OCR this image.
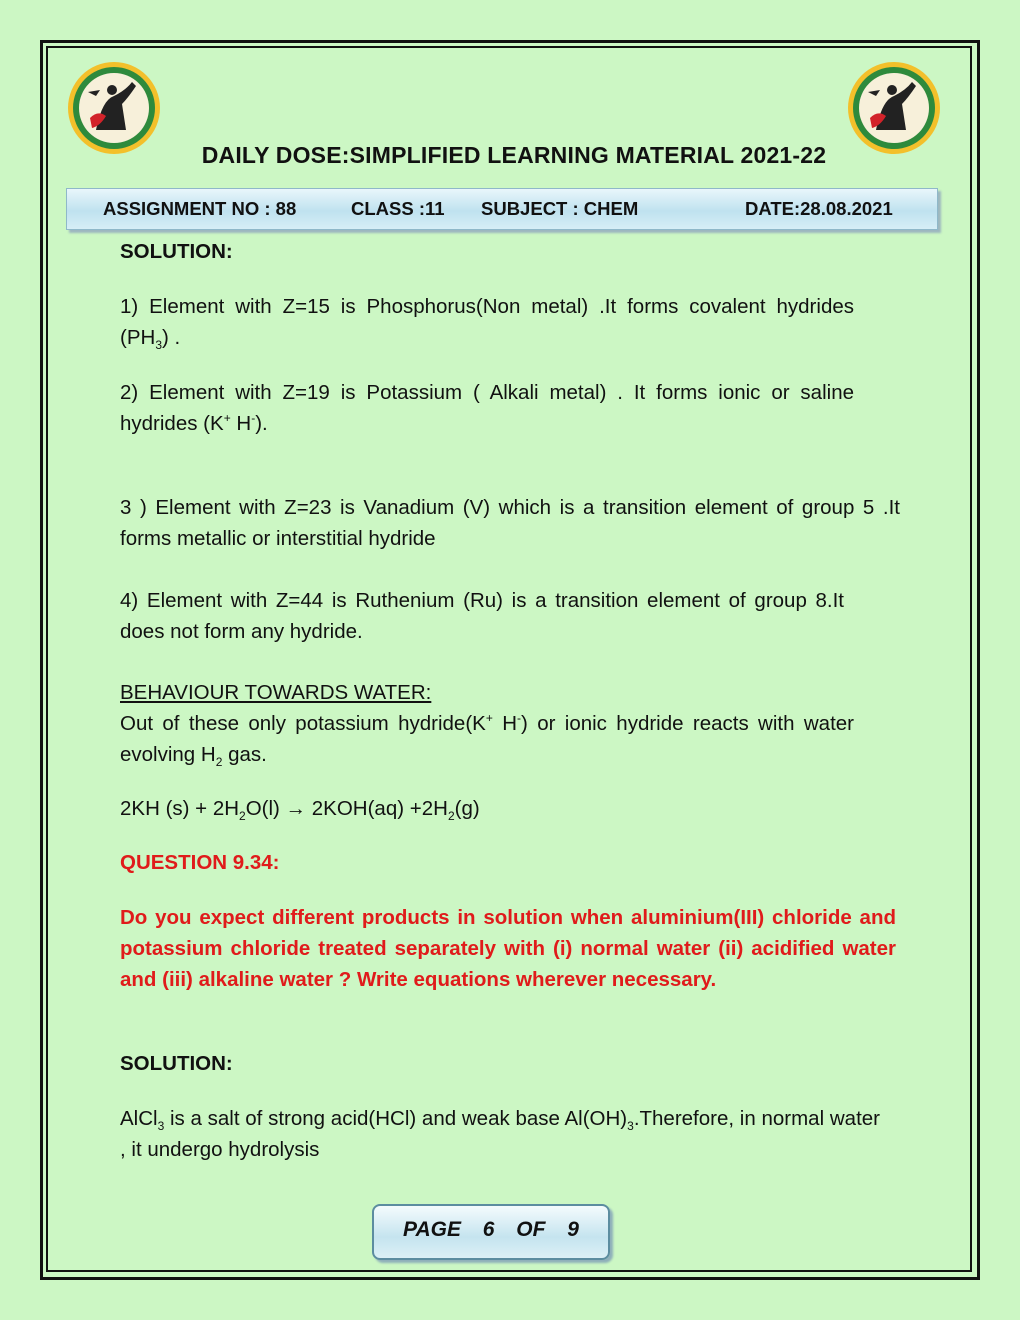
DAILY DOSE:SIMPLIFIED LEARNING MATERIAL 2021-22
ASSIGNMENT NO : 88	CLASS :11 SUBJECT : CHEM	DATE:28.08.2021
SOLUTION:
1) Element with Z=15 is Phosphorus(Non metal) .It forms covalent hydrides $(PH_3)$ .
2) Element with Z=19 is Potassium ( Alkali metal) . It forms ionic or saline hydrides (K+ H-).
3 ) Element with Z=23 is Vanadium (V) which is a transition element of group 5 .It forms metallic or interstitial hydride
4) Element with Z=44 is Ruthenium (Ru) is a transition element of group 8.It does not form any hydride.
BEHAVIOUR TOWARDS WATER:
Out of these only potassium hydride(K+ H-) or ionic hydride reacts with water evolving $H_2$ gas.
2KH $(s) + 2H_2O(l) \to 2KOH(aq) +2H_2(g)$
QUESTION 9.34:
Do you expect different products in solution when aluminium(III) chloride and potassium chloride treated separately with (i) normal water (ii) acidified water and (iii) alkaline water ? Write equations wherever necessary.
SOLUTION:
AlCl$_3$ is a salt of strong acid(HCl) and weak base $Al(OH)_3.Therefore$, in normal water , it undergo hydrolysis
PAGE 6 OF 9
